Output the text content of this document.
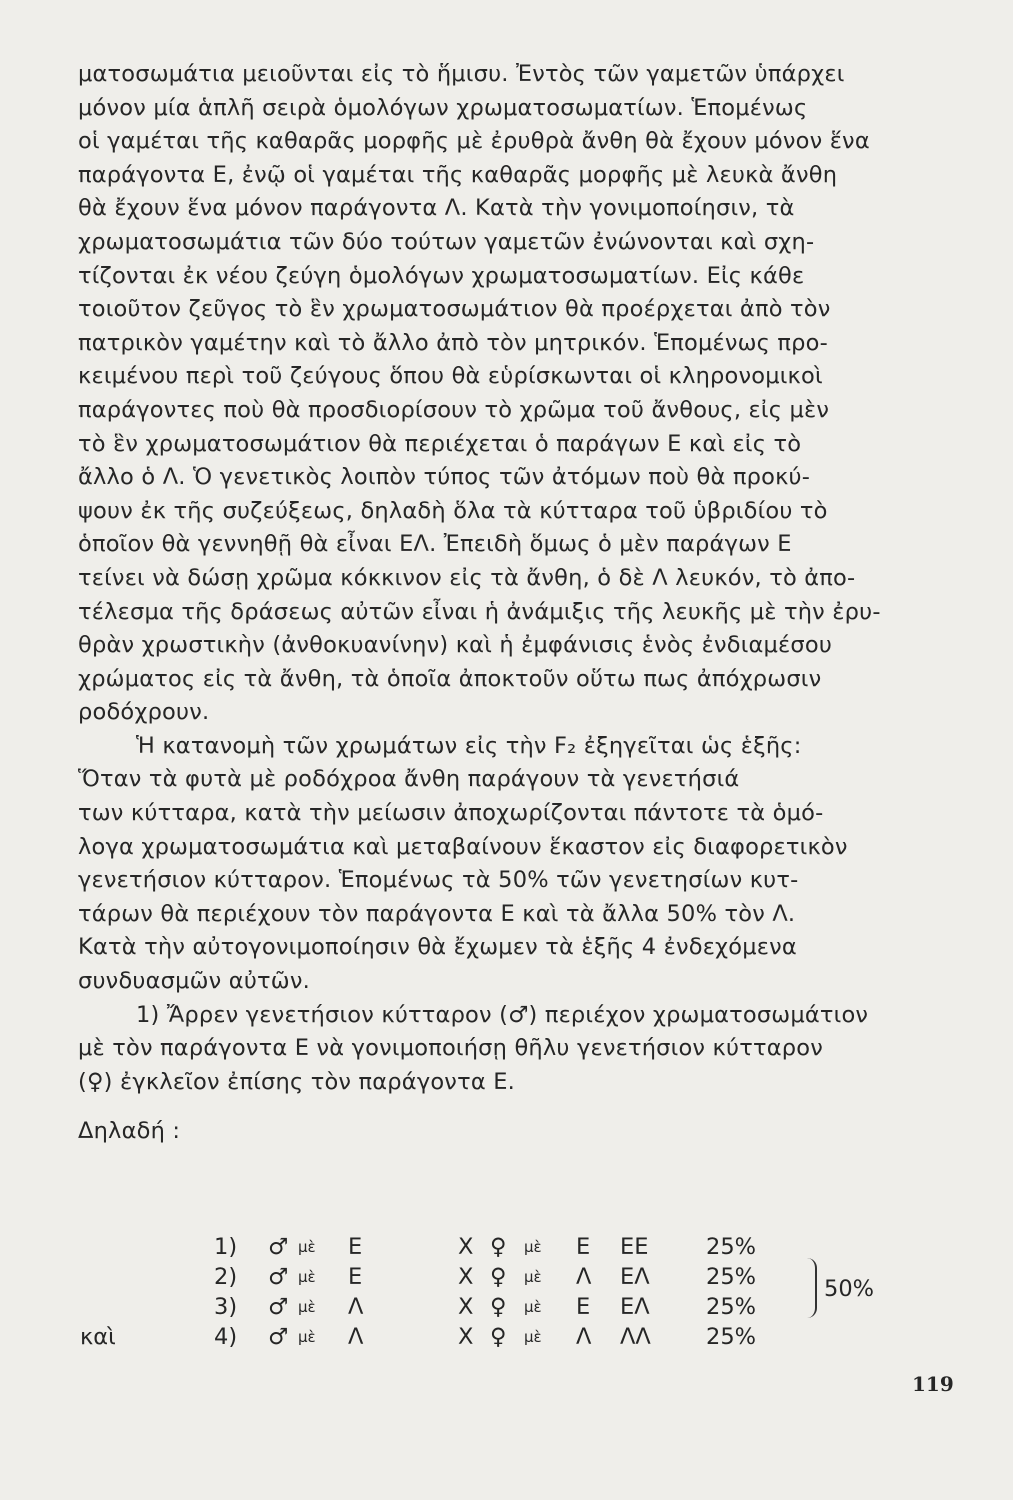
ματοσωμάτια μειοῦνται εἰς τὸ ἥμισυ. Ἐντὸς τῶν γαμετῶν ὑπάρχει
μόνον μία ἁπλῆ σειρὰ ὁμολόγων χρωματοσωματίων. Ἑπομένως
οἱ γαμέται τῆς καθαρᾶς μορφῆς μὲ ἐρυθρὰ ἄνθη θὰ ἔχουν μόνον ἕνα
παράγοντα Ε, ἐνῷ οἱ γαμέται τῆς καθαρᾶς μορφῆς μὲ λευκὰ ἄνθη
θὰ ἔχουν ἕνα μόνον παράγοντα Λ. Κατὰ τὴν γονιμοποίησιν, τὰ
χρωματοσωμάτια τῶν δύο τούτων γαμετῶν ἐνώνονται καὶ σχη-
τίζονται ἐκ νέου ζεύγη ὁμολόγων χρωματοσωματίων. Εἰς κάθε
τοιοῦτον ζεῦγος τὸ ἓν χρωματοσωμάτιον θὰ προέρχεται ἀπὸ τὸν
πατρικὸν γαμέτην καὶ τὸ ἄλλο ἀπὸ τὸν μητρικόν. Ἑπομένως προ-
κειμένου περὶ τοῦ ζεύγους ὅπου θὰ εὑρίσκωνται οἱ κληρονομικοὶ
παράγοντες ποὺ θὰ προσδιορίσουν τὸ χρῶμα τοῦ ἄνθους, εἰς μὲν
τὸ ἓν χρωματοσωμάτιον θὰ περιέχεται ὁ παράγων Ε καὶ εἰς τὸ
ἄλλο ὁ Λ. Ὁ γενετικὸς λοιπὸν τύπος τῶν ἀτόμων ποὺ θὰ προκύ-
ψουν ἐκ τῆς συζεύξεως, δηλαδὴ ὅλα τὰ κύτταρα τοῦ ὑβριδίου τὸ
ὁποῖον θὰ γεννηθῇ θὰ εἶναι ΕΛ. Ἐπειδὴ ὅμως ὁ μὲν παράγων Ε
τείνει νὰ δώσῃ χρῶμα κόκκινον εἰς τὰ ἄνθη, ὁ δὲ Λ λευκόν, τὸ ἀπο-
τέλεσμα τῆς δράσεως αὐτῶν εἶναι ἡ ἀνάμιξις τῆς λευκῆς μὲ τὴν ἐρυ-
θρὰν χρωστικὴν (ἀνθοκυανίνην) καὶ ἡ ἐμφάνισις ἑνὸς ἐνδιαμέσου
χρώματος εἰς τὰ ἄνθη, τὰ ὁποῖα ἀποκτοῦν οὕτω πως ἀπόχρωσιν
ροδόχρουν.
Ἡ κατανομὴ τῶν χρωμάτων εἰς τὴν F₂ ἐξηγεῖται ὡς ἑξῆς:
Ὅταν τὰ φυτὰ μὲ ροδόχροα ἄνθη παράγουν τὰ γενετήσιά
των κύτταρα, κατὰ τὴν μείωσιν ἀποχωρίζονται πάντοτε τὰ ὁμό-
λογα χρωματοσωμάτια καὶ μεταβαίνουν ἕκαστον εἰς διαφορετικὸν
γενετήσιον κύτταρον. Ἑπομένως τὰ 50% τῶν γενετησίων κυτ-
τάρων θὰ περιέχουν τὸν παράγοντα Ε καὶ τὰ ἄλλα 50% τὸν Λ.
Κατὰ τὴν αὐτογονιμοποίησιν θὰ ἔχωμεν τὰ ἑξῆς 4 ἐνδεχόμενα
συνδυασμῶν αὐτῶν.
1) Ἄρρεν γενετήσιον κύτταρον (♂) περιέχον χρωματοσωμάτιον
μὲ τὸν παράγοντα Ε νὰ γονιμοποιήσῃ θῆλυ γενετήσιον κύτταρον
(♀) ἐγκλεῖον ἐπίσης τὸν παράγοντα Ε.
Δηλαδή :
	1)	♂	μὲ	Ε	Χ	♀	μὲ	Ε	ΕΕ	25%
	2)	♂	μὲ	Ε	Χ	♀	μὲ	Λ	ΕΛ	25%
	3)	♂	μὲ	Λ	Χ	♀	μὲ	Ε	ΕΛ	25%
καὶ	4)	♂	μὲ	Λ	Χ	♀	μὲ	Λ	ΛΛ	25%
50%
119
